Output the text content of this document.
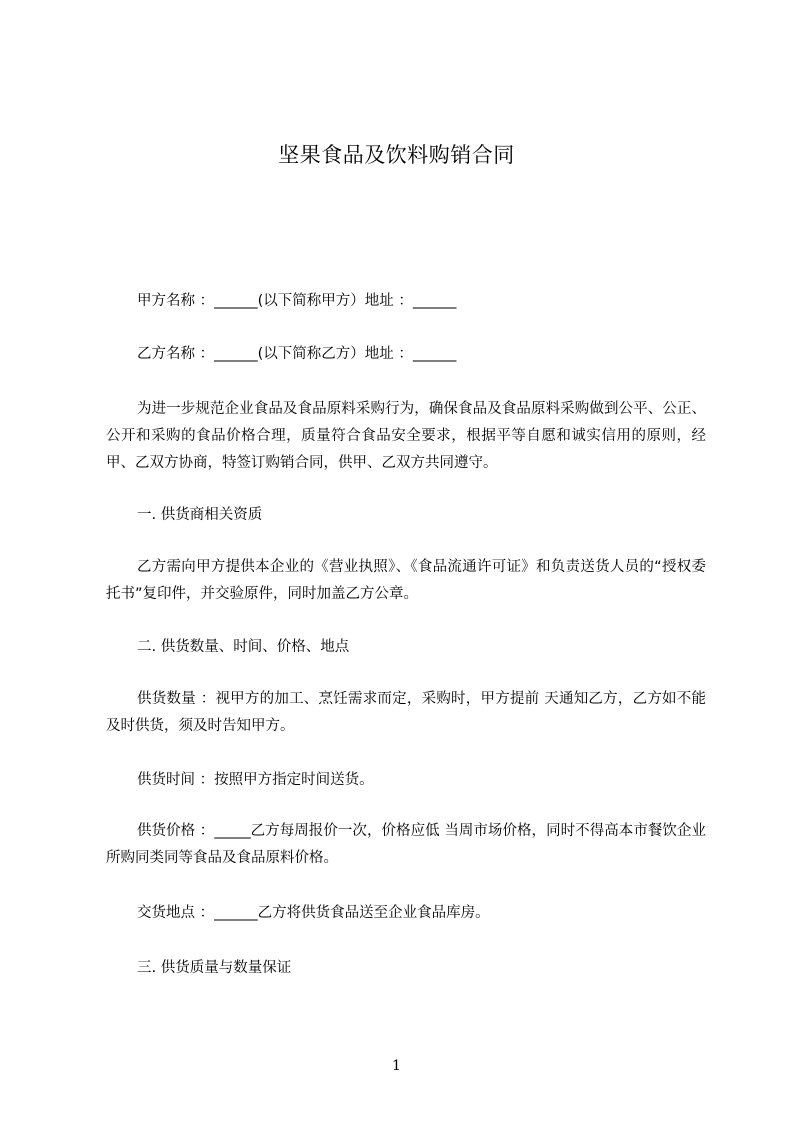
坚果食品及饮料购销合同
甲方名称 ：______(以下简称甲方）地址 ：______
乙方名称 ：______(以下简称乙方）地址 ：______
为进一步规范企业食品及食品原料采购行为，确保食品及食品原料采购做到公平、公正、公开和采购的食品价格合理，质量符合食品安全要求，根据平等自愿和诚实信用的原则，经甲、乙双方协商，特签订购销合同，供甲、乙双方共同遵守。
一. 供货商相关资质
乙方需向甲方提供本企业的《营业执照》、《食品流通许可证》和负责送货人员的“授权委托书”复印件，并交验原件，同时加盖乙方公章。
二. 供货数量、时间、价格、地点
供货数量 ：视甲方的加工、烹饪需求而定，采购时，甲方提前 天通知乙方，乙方如不能及时供货，须及时告知甲方。
供货时间 ：按照甲方指定时间送货。
供货价格 ：_____乙方每周报价一次，价格应低 当周市场价格，同时不得高本市餐饮企业所购同类同等食品及食品原料价格。
交货地点 ：______乙方将供货食品送至企业食品库房。
三. 供货质量与数量保证
1
